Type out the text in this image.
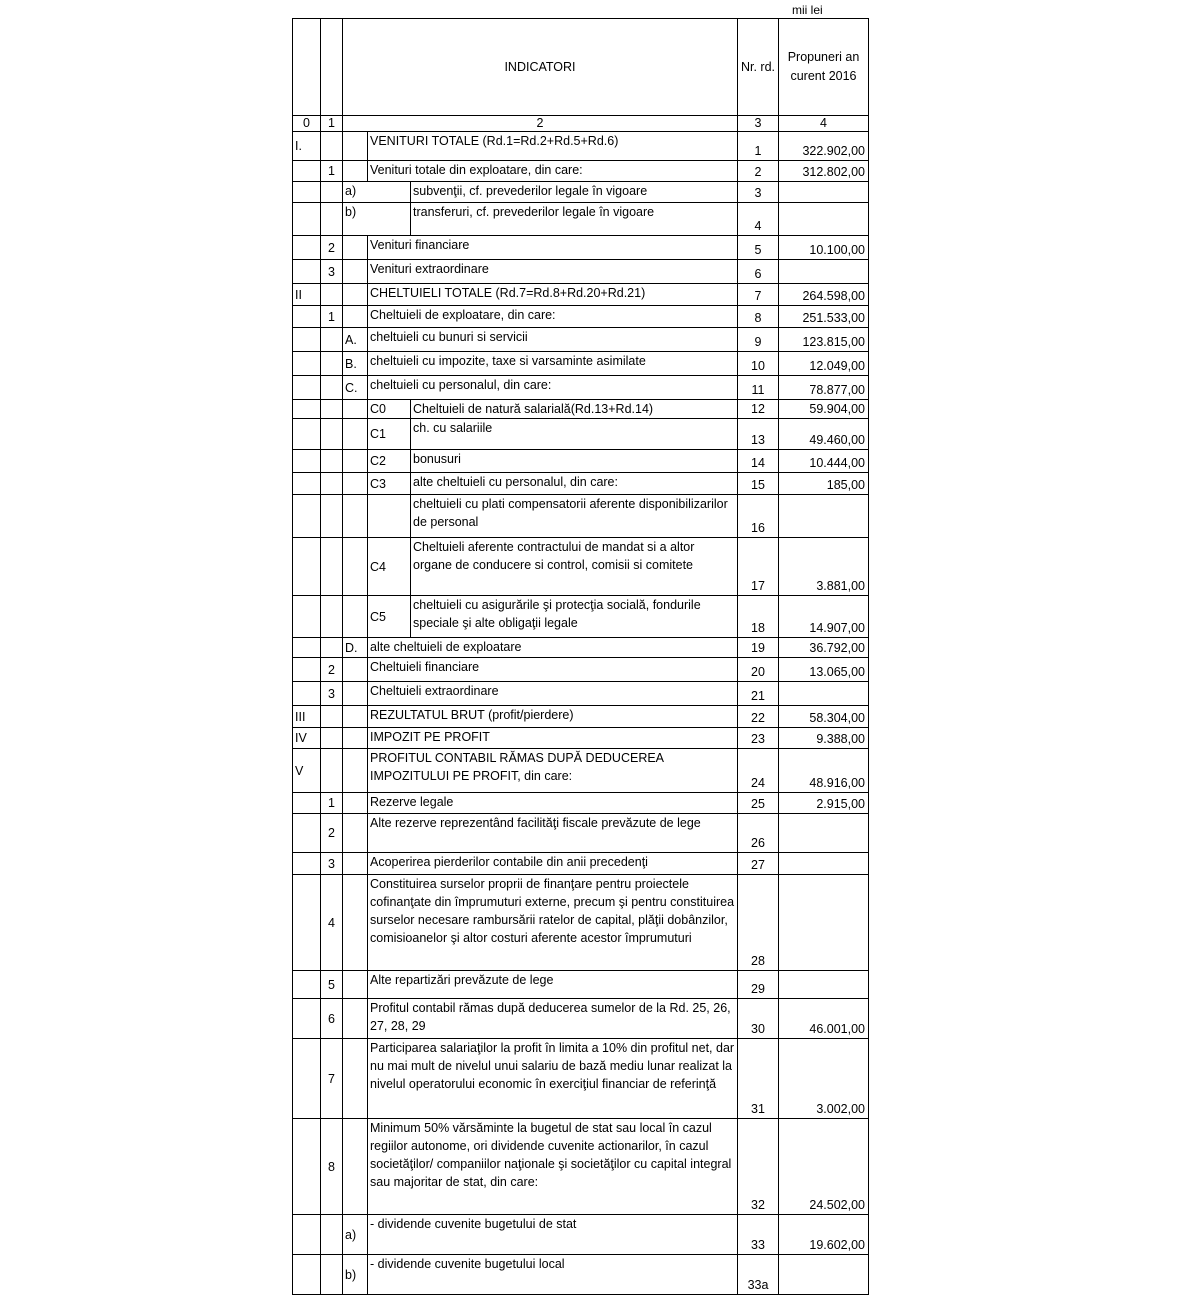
mii lei
		INDICATORI			Nr. rd.	Propuneri an curent 2016
0	1	2			3	4
I.			VENITURI TOTALE (Rd.1=Rd.2+Rd.5+Rd.6)		1	322.902,00
	1		Venituri totale din exploatare, din care:		2	312.802,00
		a)		subvenţii, cf. prevederilor legale în vigoare	3	
		b)		transferuri, cf. prevederilor legale în vigoare	4	
	2		Venituri financiare		5	10.100,00
	3		Venituri extraordinare		6	
II			CHELTUIELI TOTALE (Rd.7=Rd.8+Rd.20+Rd.21)		7	264.598,00
	1		Cheltuieli de exploatare, din care:		8	251.533,00
		A.	cheltuieli cu bunuri si servicii		9	123.815,00
		B.	cheltuieli cu impozite, taxe si varsaminte asimilate		10	12.049,00
		C.	cheltuieli cu personalul, din care:		11	78.877,00
			C0	Cheltuieli de natură salarială(Rd.13+Rd.14)	12	59.904,00
			C1	ch. cu salariile	13	49.460,00
			C2	bonusuri	14	10.444,00
			C3	alte cheltuieli cu personalul, din care:	15	185,00
				cheltuieli cu plati compensatorii aferente disponibilizarilor de personal	16	
			C4	Cheltuieli aferente contractului de mandat si a altor organe de conducere si control, comisii si comitete	17	3.881,00
			C5	cheltuieli cu asigurările şi protecţia socială, fondurile speciale şi alte obligaţii legale	18	14.907,00
		D.	alte cheltuieli de exploatare		19	36.792,00
	2		Cheltuieli financiare		20	13.065,00
	3		Cheltuieli extraordinare		21	
III			REZULTATUL BRUT (profit/pierdere)		22	58.304,00
IV			IMPOZIT PE PROFIT		23	9.388,00
V			PROFITUL CONTABIL RĂMAS DUPĂ DEDUCEREA IMPOZITULUI PE PROFIT, din care:		24	48.916,00
	1		Rezerve legale		25	2.915,00
	2		Alte rezerve reprezentând facilităţi fiscale prevăzute de lege		26	
	3		Acoperirea pierderilor contabile din anii precedenţi		27	
	4		Constituirea surselor proprii de finanţare pentru proiectele cofinanţate din împrumuturi externe, precum şi pentru constituirea surselor necesare rambursării ratelor de capital, plăţii dobânzilor, comisioanelor şi altor costuri aferente acestor împrumuturi		28	
	5		Alte repartizări prevăzute de lege		29	
	6		Profitul contabil rămas după deducerea sumelor de la Rd. 25, 26, 27, 28, 29		30	46.001,00
	7		Participarea salariaţilor la profit în limita a 10% din profitul net, dar nu mai mult de nivelul unui salariu de bază mediu lunar realizat la nivelul operatorului economic în exerciţiul financiar de referinţă		31	3.002,00
	8		Minimum 50% vărsăminte la bugetul de stat sau local în cazul regiilor autonome, ori dividende cuvenite actionarilor, în cazul societăţilor/ companiilor naţionale şi societăţilor cu capital integral sau majoritar de stat, din care:		32	24.502,00
		a)	- dividende cuvenite bugetului de stat		33	19.602,00
		b)	- dividende cuvenite bugetului local		33a	
